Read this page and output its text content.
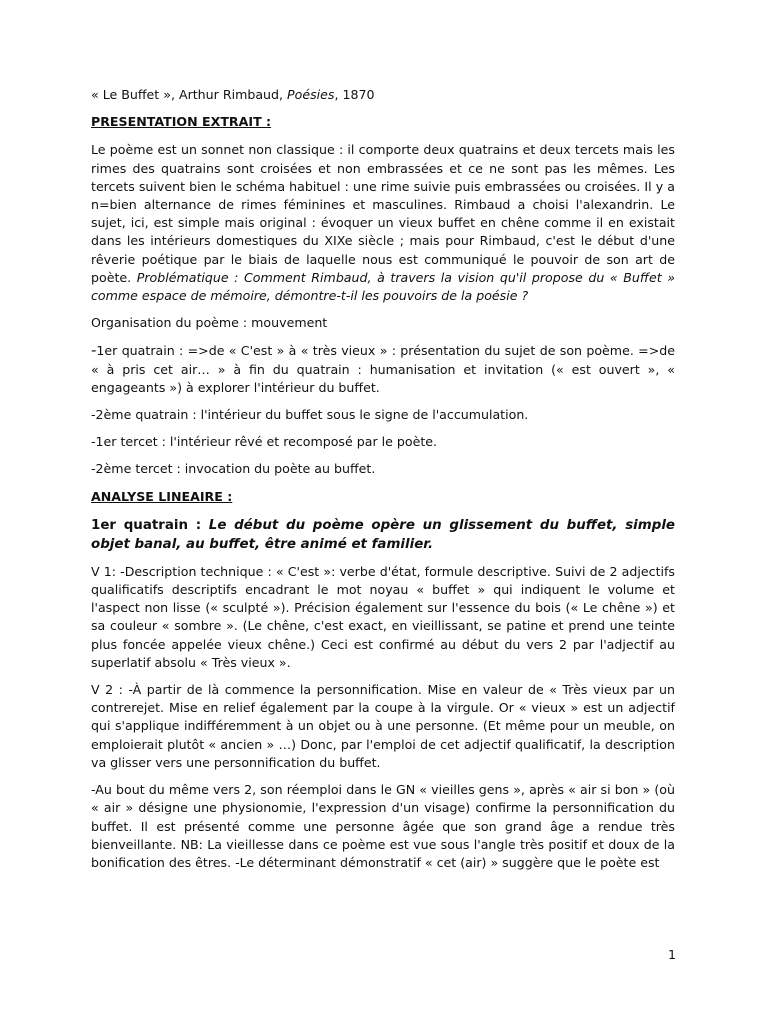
« Le Buffet », Arthur Rimbaud, Poésies, 1870

PRESENTATION EXTRAIT :

Le poème est un sonnet non classique : il comporte deux quatrains et deux tercets mais les rimes des quatrains sont croisées et non embrassées et ce ne sont pas les mêmes. Les tercets suivent bien le schéma habituel : une rime suivie puis embrassées ou croisées. Il y a n=bien alternance de rimes féminines et masculines. Rimbaud a choisi l'alexandrin. Le sujet, ici, est simple mais original : évoquer un vieux buffet en chêne comme il en existait dans les intérieurs domestiques du XIXe siècle ; mais pour Rimbaud, c'est le début d'une rêverie poétique par le biais de laquelle nous est communiqué le pouvoir de son art de poète. Problématique : Comment Rimbaud, à travers la vision qu'il propose du « Buffet » comme espace de mémoire, démontre-t-il les pouvoirs de la poésie ?

Organisation du poème : mouvement

-1er quatrain : =>de « C'est » à « très vieux » : présentation du sujet de son poème. =>de « à pris cet air… » à fin du quatrain : humanisation et invitation (« est ouvert », « engageants ») à explorer l'intérieur du buffet.

-2ème quatrain : l'intérieur du buffet sous le signe de l'accumulation.

-1er tercet : l'intérieur rêvé et recomposé par le poète.

-2ème tercet : invocation du poète au buffet.

ANALYSE LINEAIRE :

1er quatrain : Le début du poème opère un glissement du buffet, simple objet banal, au buffet, être animé et familier.

V 1: -Description technique : « C'est »: verbe d'état, formule descriptive. Suivi de 2 adjectifs qualificatifs descriptifs encadrant le mot noyau « buffet » qui indiquent le volume et l'aspect non lisse (« sculpté »). Précision également sur l'essence du bois (« Le chêne ») et sa couleur « sombre ». (Le chêne, c'est exact, en vieillissant, se patine et prend une teinte plus foncée appelée vieux chêne.) Ceci est confirmé au début du vers 2 par l'adjectif au superlatif absolu « Très vieux ».

V 2 : -À partir de là commence la personnification. Mise en valeur de « Très vieux par un contrerejet. Mise en relief également par la coupe à la virgule. Or « vieux » est un adjectif qui s'applique indifféremment à un objet ou à une personne. (Et même pour un meuble, on emploierait plutôt « ancien » …) Donc, par l'emploi de cet adjectif qualificatif, la description va glisser vers une personnification du buffet.

-Au bout du même vers 2, son réemploi dans le GN « vieilles gens », après « air si bon » (où « air » désigne une physionomie, l'expression d'un visage) confirme la personnification du buffet. Il est présenté comme une personne âgée que son grand âge a rendue très bienveillante. NB: La vieillesse dans ce poème est vue sous l'angle très positif et doux de la bonification des êtres. -Le déterminant démonstratif « cet (air) » suggère que le poète est

1
